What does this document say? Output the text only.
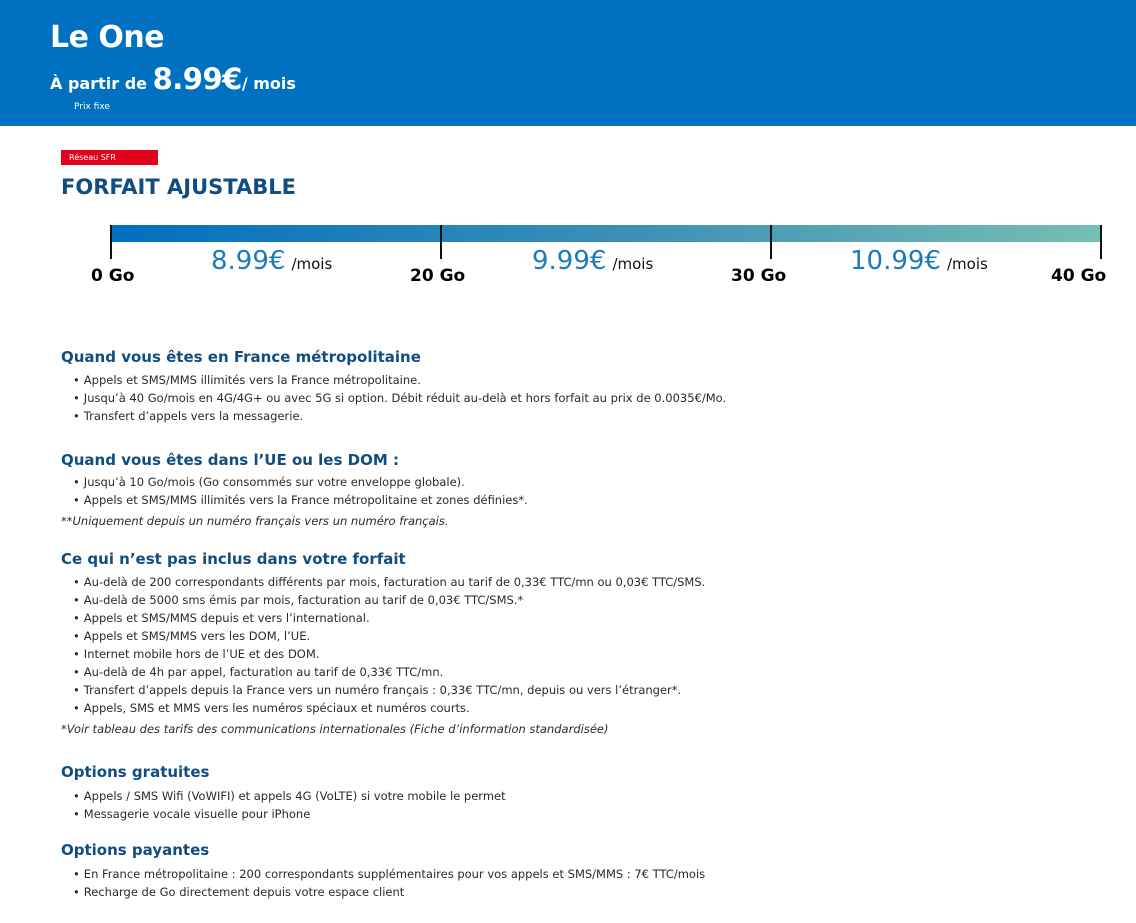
Le One
À partir de 8.99€/ mois
Prix fixe
Réseau SFR
FORFAIT AJUSTABLE
0 Go	20 Go	30 Go	40 Go
8.99€ /mois	9.99€ /mois	10.99€ /mois
Quand vous êtes en France métropolitaine
• Appels et SMS/MMS illimités vers la France métropolitaine.
• Jusqu’à 40 Go/mois en 4G/4G+ ou avec 5G si option. Débit réduit au-delà et hors forfait au prix de 0.0035€/Mo.
• Transfert d’appels vers la messagerie.
Quand vous êtes dans l’UE ou les DOM :
• Jusqu’à 10 Go/mois (Go consommés sur votre enveloppe globale).
• Appels et SMS/MMS illimités vers la France métropolitaine et zones définies*.
**Uniquement depuis un numéro français vers un numéro français.
Ce qui n’est pas inclus dans votre forfait
• Au-delà de 200 correspondants différents par mois, facturation au tarif de 0,33€ TTC/mn ou 0,03€ TTC/SMS.
• Au-delà de 5000 sms émis par mois, facturation au tarif de 0,03€ TTC/SMS.*
• Appels et SMS/MMS depuis et vers l’international.
• Appels et SMS/MMS vers les DOM, l’UE.
• Internet mobile hors de l’UE et des DOM.
• Au-delà de 4h par appel, facturation au tarif de 0,33€ TTC/mn.
• Transfert d’appels depuis la France vers un numéro français : 0,33€ TTC/mn, depuis ou vers l’étranger*.
• Appels, SMS et MMS vers les numéros spéciaux et numéros courts.
*Voir tableau des tarifs des communications internationales (Fiche d’information standardisée)
Options gratuites
• Appels / SMS Wifi (VoWIFI) et appels 4G (VoLTE) si votre mobile le permet
• Messagerie vocale visuelle pour iPhone
Options payantes
• En France métropolitaine : 200 correspondants supplémentaires pour vos appels et SMS/MMS : 7€ TTC/mois
• Recharge de Go directement depuis votre espace client
